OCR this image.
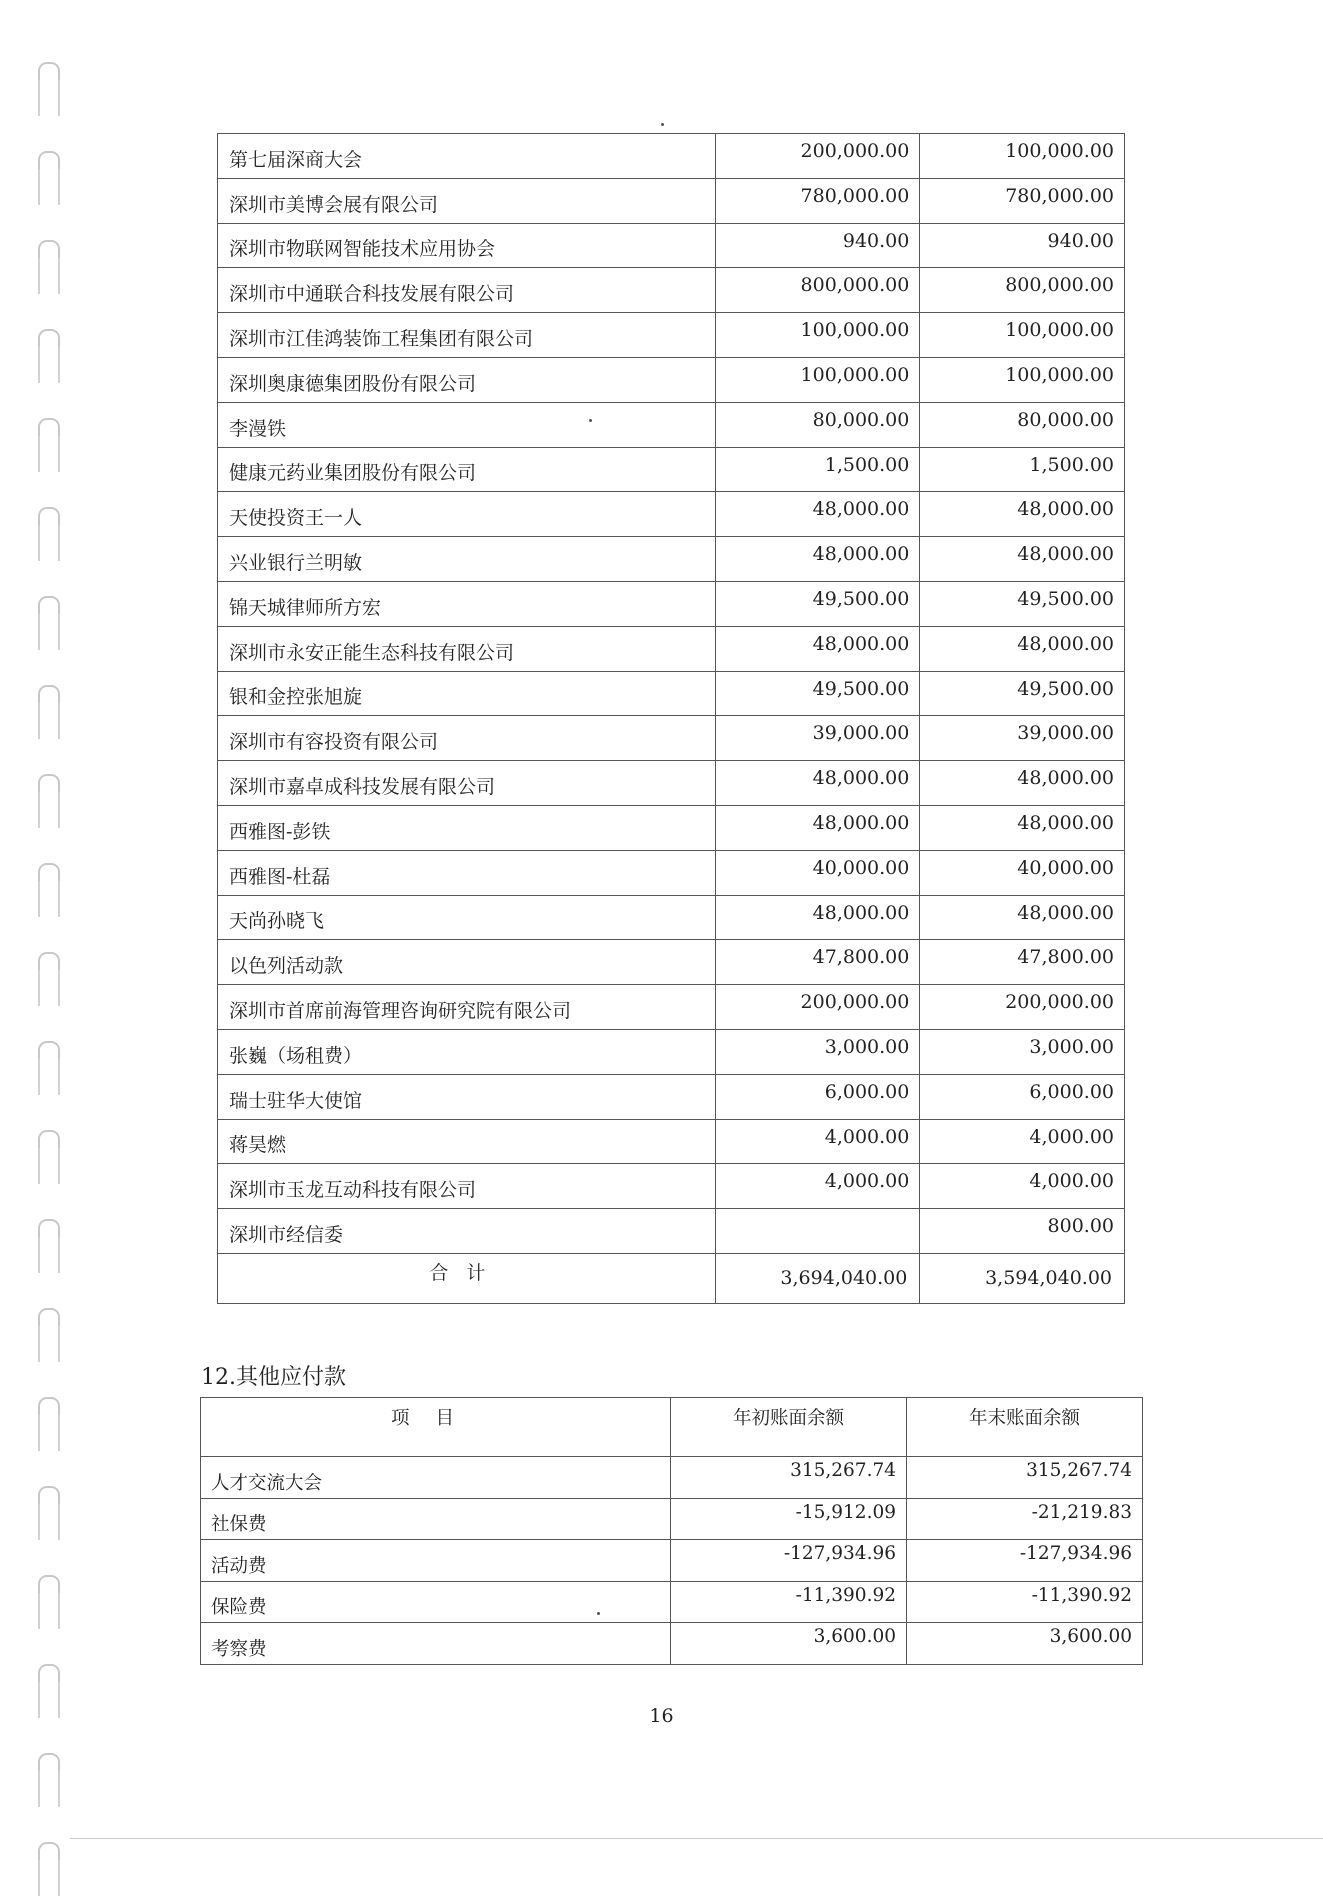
第七届深商大会	200,000.00	100,000.00
深圳市美博会展有限公司	780,000.00	780,000.00
深圳市物联网智能技术应用协会	940.00	940.00
深圳市中通联合科技发展有限公司	800,000.00	800,000.00
深圳市江佳鸿装饰工程集团有限公司	100,000.00	100,000.00
深圳奥康德集团股份有限公司	100,000.00	100,000.00
李漫铁	80,000.00	80,000.00
健康元药业集团股份有限公司	1,500.00	1,500.00
天使投资王一人	48,000.00	48,000.00
兴业银行兰明敏	48,000.00	48,000.00
锦天城律师所方宏	49,500.00	49,500.00
深圳市永安正能生态科技有限公司	48,000.00	48,000.00
银和金控张旭旋	49,500.00	49,500.00
深圳市有容投资有限公司	39,000.00	39,000.00
深圳市嘉卓成科技发展有限公司	48,000.00	48,000.00
西雅图-彭铁	48,000.00	48,000.00
西雅图-杜磊	40,000.00	40,000.00
天尚孙晓飞	48,000.00	48,000.00
以色列活动款	47,800.00	47,800.00
深圳市首席前海管理咨询研究院有限公司	200,000.00	200,000.00
张巍（场租费）	3,000.00	3,000.00
瑞士驻华大使馆	6,000.00	6,000.00
蒋昊燃	4,000.00	4,000.00
深圳市玉龙互动科技有限公司	4,000.00	4,000.00
深圳市经信委		800.00
合计	3,694,040.00	3,594,040.00
12.其他应付款
项目	年初账面余额	年末账面余额
人才交流大会	315,267.74	315,267.74
社保费	-15,912.09	-21,219.83
活动费	-127,934.96	-127,934.96
保险费	-11,390.92	-11,390.92
考察费	3,600.00	3,600.00
16
